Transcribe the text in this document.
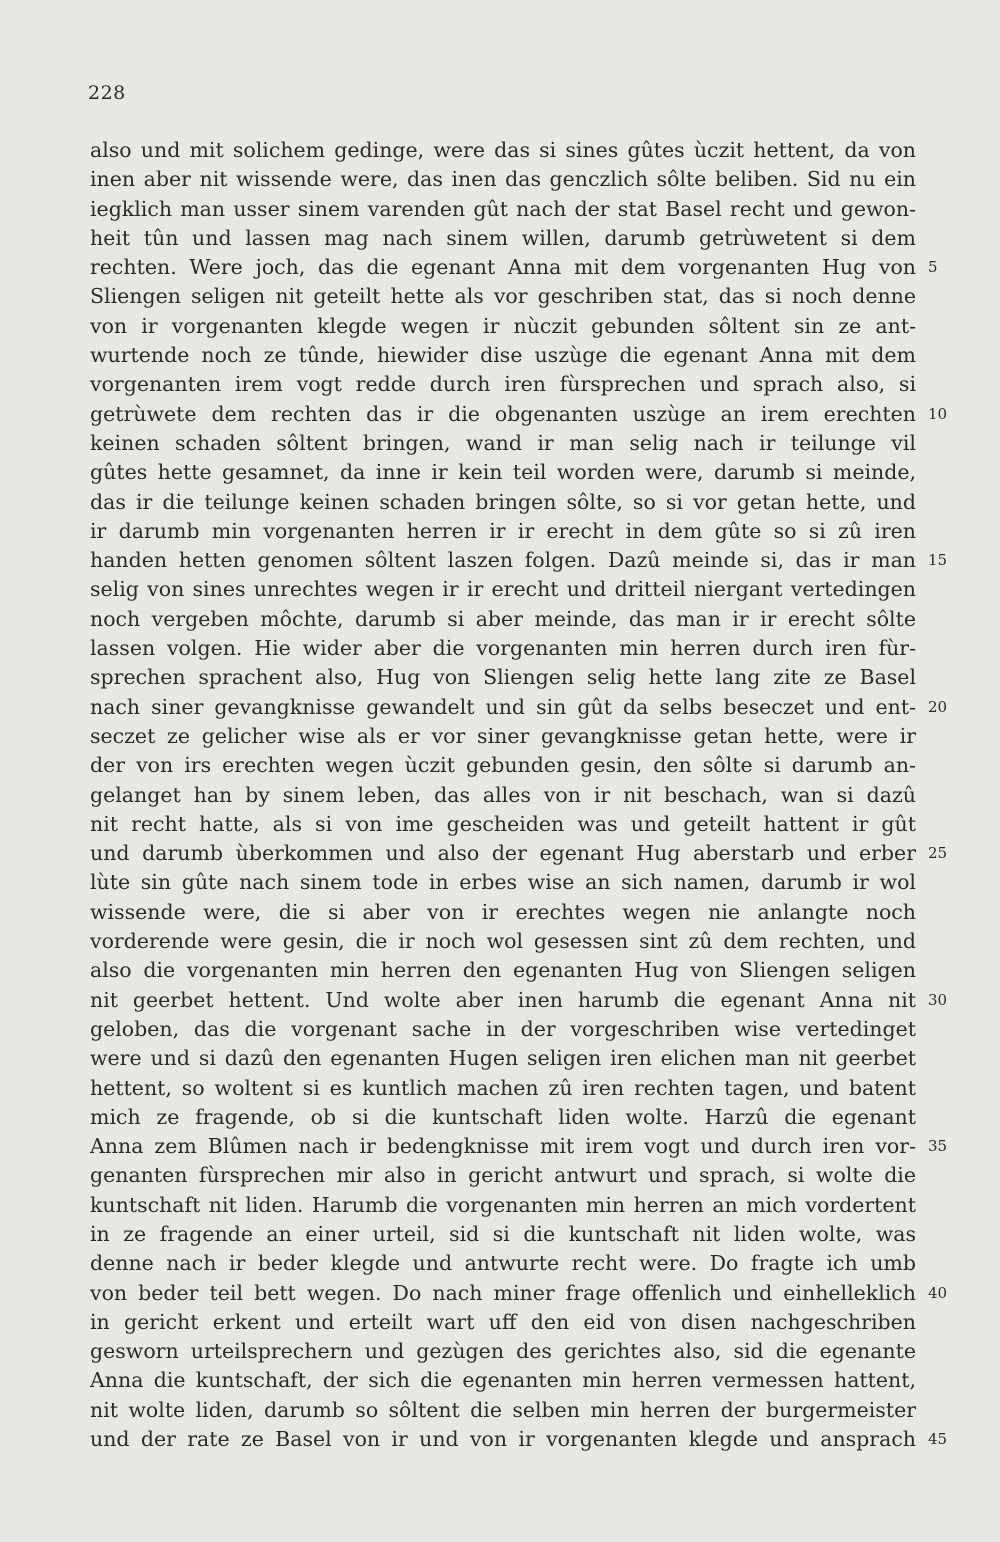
228
also und mit solichem gedinge, were das si sines gûtes ùczit hettent, da von
inen aber nit wissende were, das inen das genczlich sôlte beliben. Sid nu ein
iegklich man usser sinem varenden gût nach der stat Basel recht und gewon-
heit tûn und lassen mag nach sinem willen, darumb getrùwetent si dem
rechten. Were joch, das die egenant Anna mit dem vorgenanten Hug von 5
Sliengen seligen nit geteilt hette als vor geschriben stat, das si noch denne
von ir vorgenanten klegde wegen ir nùczit gebunden sôltent sin ze ant-
wurtende noch ze tûnde, hiewider dise uszùge die egenant Anna mit dem
vorgenanten irem vogt redde durch iren fùrsprechen und sprach also, si
getrùwete dem rechten das ir die obgenanten uszùge an irem erechten 10
keinen schaden sôltent bringen, wand ir man selig nach ir teilunge vil
gûtes hette gesamnet, da inne ir kein teil worden were, darumb si meinde,
das ir die teilunge keinen schaden bringen sôlte, so si vor getan hette, und
ir darumb min vorgenanten herren ir ir erecht in dem gûte so si zû iren
handen hetten genomen sôltent laszen folgen. Dazû meinde si, das ir man 15
selig von sines unrechtes wegen ir ir erecht und dritteil niergant vertedingen
noch vergeben môchte, darumb si aber meinde, das man ir ir erecht sôlte
lassen volgen. Hie wider aber die vorgenanten min herren durch iren fùr-
sprechen sprachent also, Hug von Sliengen selig hette lang zite ze Basel
nach siner gevangknisse gewandelt und sin gût da selbs beseczet und ent- 20
seczet ze gelicher wise als er vor siner gevangknisse getan hette, were ir
der von irs erechten wegen ùczit gebunden gesin, den sôlte si darumb an-
gelanget han by sinem leben, das alles von ir nit beschach, wan si dazû
nit recht hatte, als si von ime gescheiden was und geteilt hattent ir gût
und darumb ùberkommen und also der egenant Hug aberstarb und erber 25
lùte sin gûte nach sinem tode in erbes wise an sich namen, darumb ir wol
wissende were, die si aber von ir erechtes wegen nie anlangte noch
vorderende were gesin, die ir noch wol gesessen sint zû dem rechten, und
also die vorgenanten min herren den egenanten Hug von Sliengen seligen
nit geerbet hettent. Und wolte aber inen harumb die egenant Anna nit 30
geloben, das die vorgenant sache in der vorgeschriben wise vertedinget
were und si dazû den egenanten Hugen seligen iren elichen man nit geerbet
hettent, so woltent si es kuntlich machen zû iren rechten tagen, und batent
mich ze fragende, ob si die kuntschaft liden wolte. Harzû die egenant
Anna zem Blûmen nach ir bedengknisse mit irem vogt und durch iren vor- 35
genanten fùrsprechen mir also in gericht antwurt und sprach, si wolte die
kuntschaft nit liden. Harumb die vorgenanten min herren an mich vordertent
in ze fragende an einer urteil, sid si die kuntschaft nit liden wolte, was
denne nach ir beder klegde und antwurte recht were. Do fragte ich umb
von beder teil bett wegen. Do nach miner frage offenlich und einhelleklich 40
in gericht erkent und erteilt wart uff den eid von disen nachgeschriben
gesworn urteilsprechern und gezùgen des gerichtes also, sid die egenante
Anna die kuntschaft, der sich die egenanten min herren vermessen hattent,
nit wolte liden, darumb so sôltent die selben min herren der burgermeister
und der rate ze Basel von ir und von ir vorgenanten klegde und ansprach 45
